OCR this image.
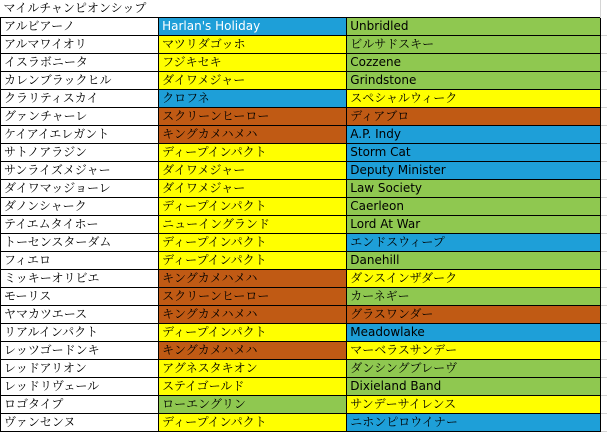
マイルチャンピオンシップ			
アルビアーノ	Harlan's Holiday	Unbridled	
アルマワイオリ	マツリダゴッホ	ビルサドスキー	
イスラボニータ	フジキセキ	Cozzene	
カレンブラックヒル	ダイワメジャー	Grindstone	
クラリティスカイ	クロフネ	スペシャルウィーク	
グァンチャーレ	スクリーンヒーロー	ディアブロ	
ケイアイエレガント	キングカメハメハ	A.P. Indy	
サトノアラジン	ディープインパクト	Storm Cat	
サンライズメジャー	ダイワメジャー	Deputy Minister	
ダイワマッジョーレ	ダイワメジャー	Law Society	
ダノンシャーク	ディープインパクト	Caerleon	
テイエムタイホー	ニューイングランド	Lord At War	
トーセンスターダム	ディープインパクト	エンドスウィープ	
フィエロ	ディープインパクト	Danehill	
ミッキーオリビエ	キングカメハメハ	ダンスインザダーク	
モーリス	スクリーンヒーロー	カーネギー	
ヤマカツエース	キングカメハメハ	グラスワンダー	
リアルインパクト	ディープインパクト	Meadowlake	
レッツゴードンキ	キングカメハメハ	マーベラスサンデー	
レッドアリオン	アグネスタキオン	ダンシングブレーヴ	
レッドリヴェール	ステイゴールド	Dixieland Band	
ロゴタイプ	ローエングリン	サンデーサイレンス	
ヴァンセンヌ	ディープインパクト	ニホンピロウイナー	
